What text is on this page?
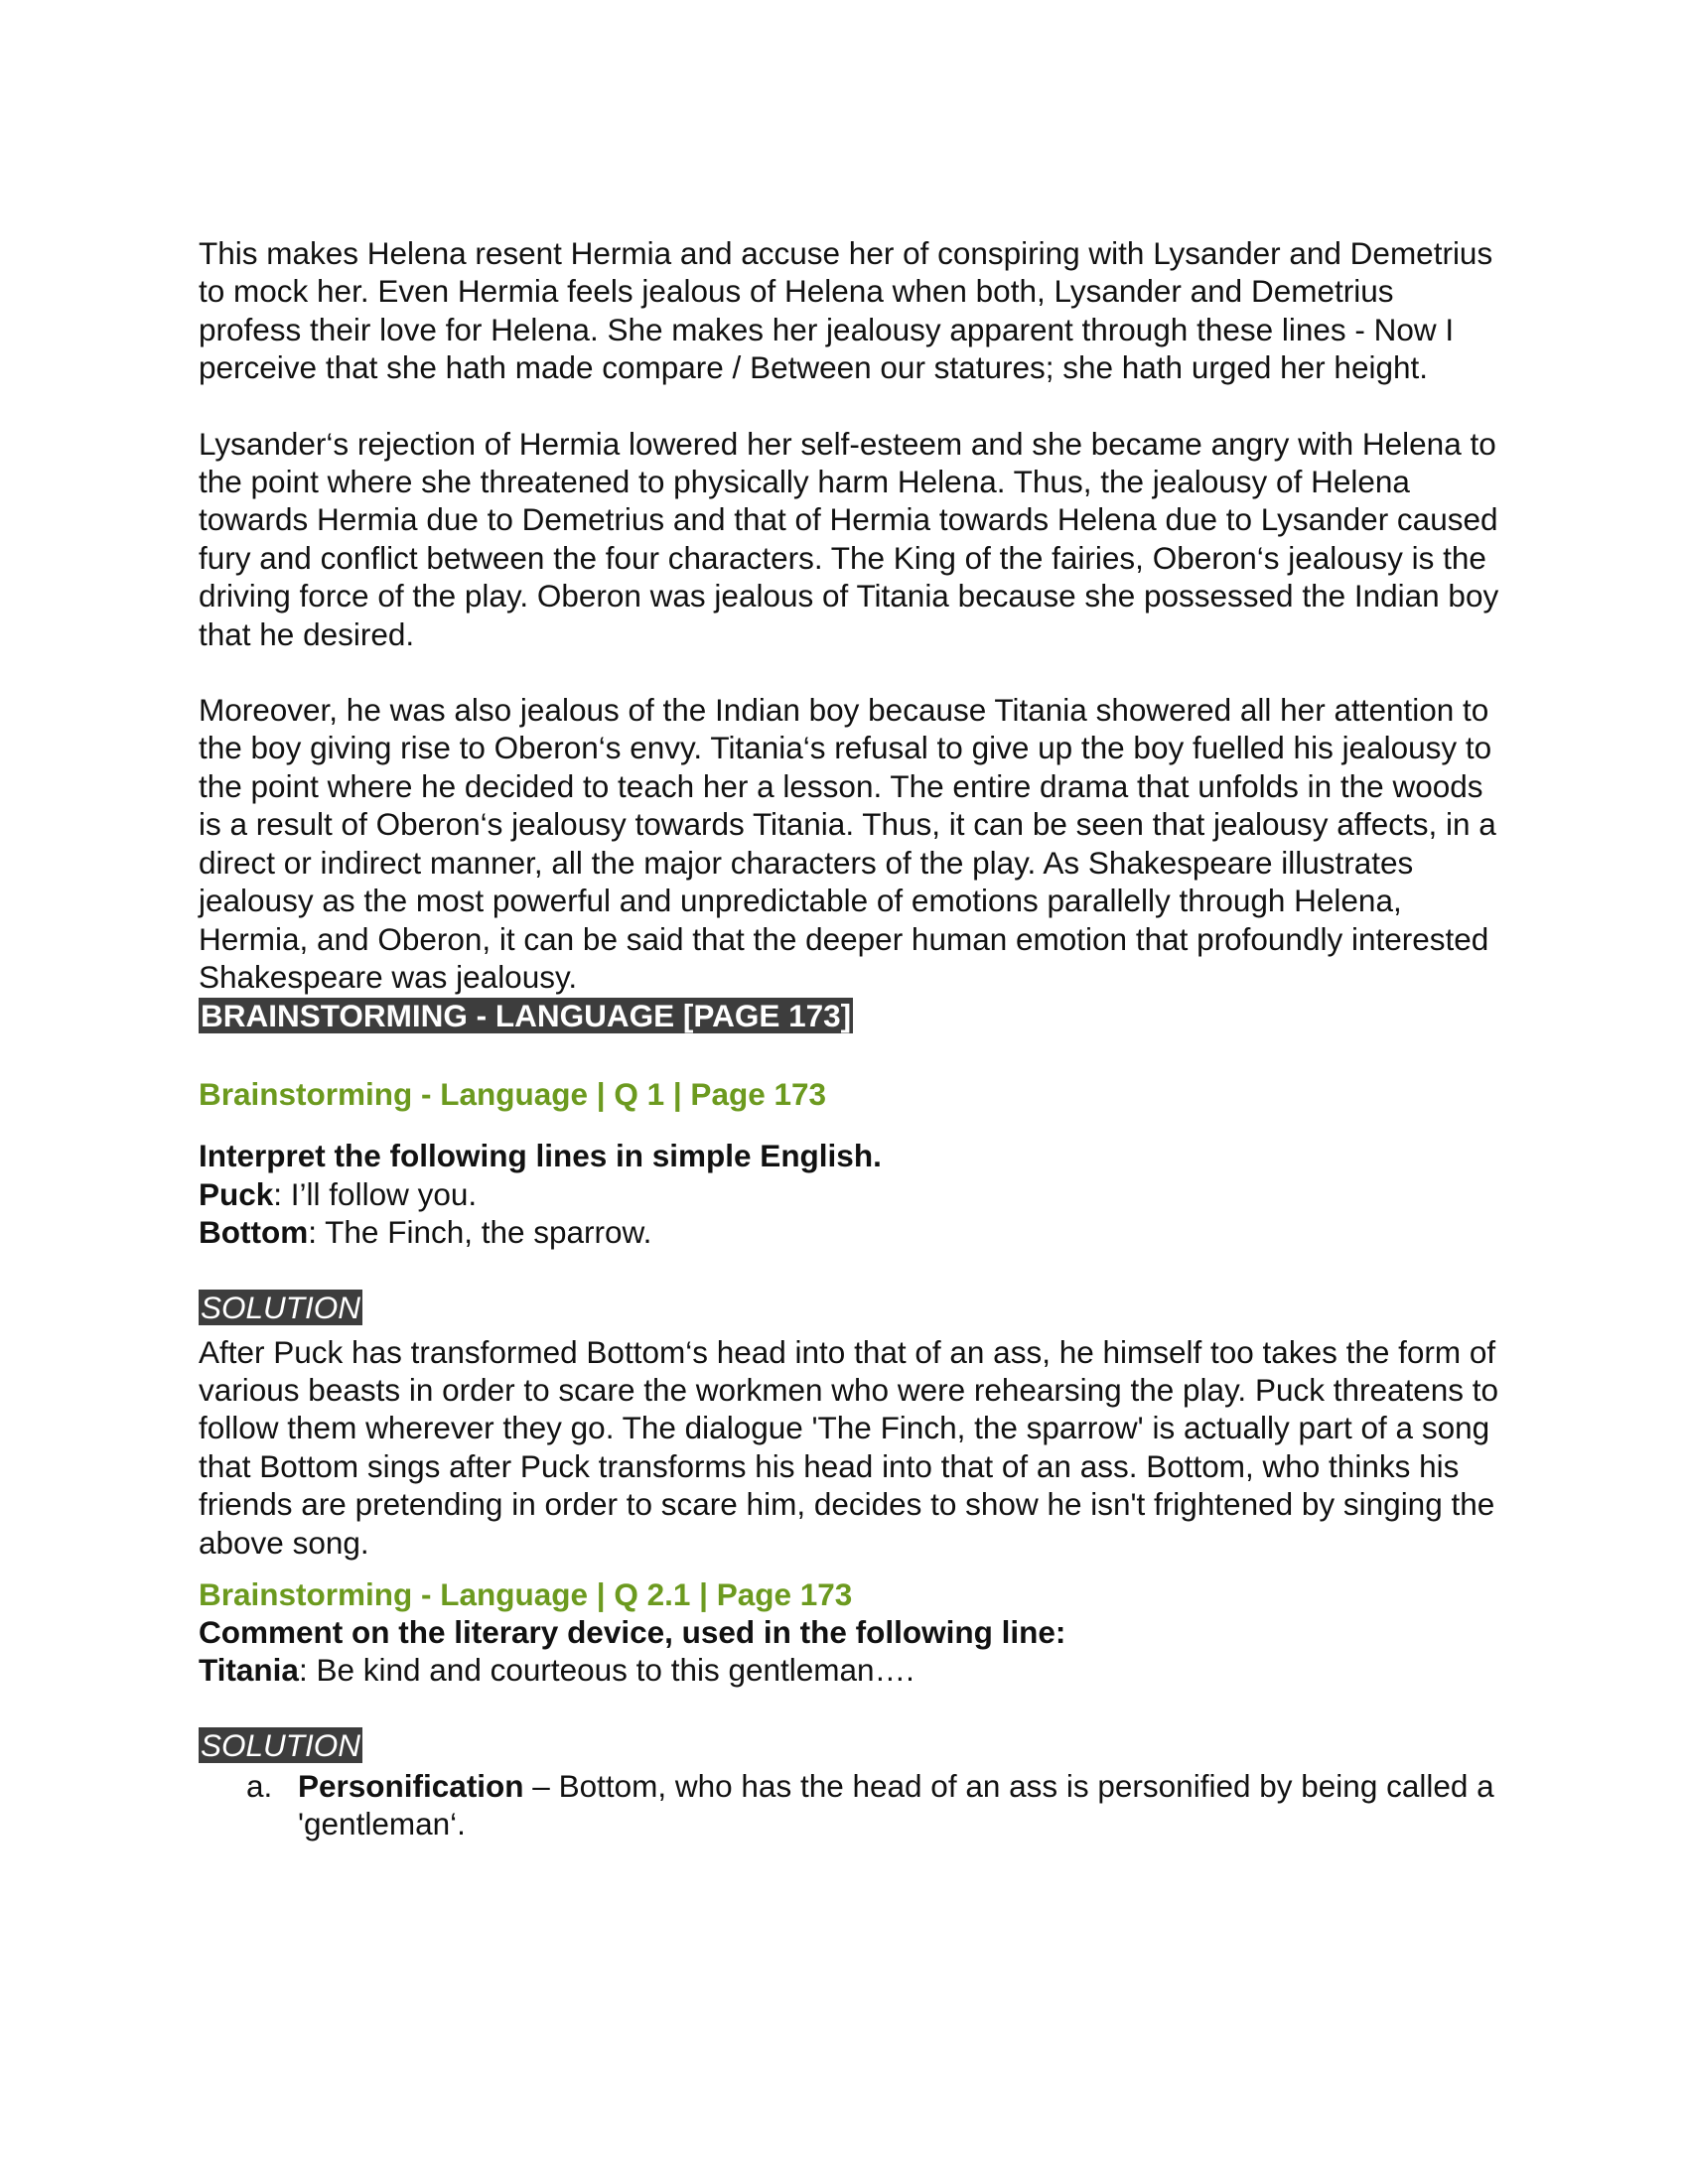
This makes Helena resent Hermia and accuse her of conspiring with Lysander and Demetrius to mock her. Even Hermia feels jealous of Helena when both, Lysander and Demetrius profess their love for Helena. She makes her jealousy apparent through these lines - Now I perceive that she hath made compare / Between our statures; she hath urged her height.

Lysander‘s rejection of Hermia lowered her self-esteem and she became angry with Helena to the point where she threatened to physically harm Helena. Thus, the jealousy of Helena towards Hermia due to Demetrius and that of Hermia towards Helena due to Lysander caused fury and conflict between the four characters. The King of the fairies, Oberon‘s jealousy is the driving force of the play. Oberon was jealous of Titania because she possessed the Indian boy that he desired.

Moreover, he was also jealous of the Indian boy because Titania showered all her attention to the boy giving rise to Oberon‘s envy. Titania‘s refusal to give up the boy fuelled his jealousy to the point where he decided to teach her a lesson. The entire drama that unfolds in the woods is a result of Oberon‘s jealousy towards Titania. Thus, it can be seen that jealousy affects, in a direct or indirect manner, all the major characters of the play. As Shakespeare illustrates jealousy as the most powerful and unpredictable of emotions parallelly through Helena, Hermia, and Oberon, it can be said that the deeper human emotion that profoundly interested Shakespeare was jealousy.

BRAINSTORMING - LANGUAGE [PAGE 173]
Brainstorming - Language | Q 1 | Page 173

Interpret the following lines in simple English.

Puck: I’ll follow you.

Bottom: The Finch, the sparrow.

SOLUTION

After Puck has transformed Bottom‘s head into that of an ass, he himself too takes the form of various beasts in order to scare the workmen who were rehearsing the play. Puck threatens to follow them wherever they go. The dialogue 'The Finch, the sparrow' is actually part of a song that Bottom sings after Puck transforms his head into that of an ass. Bottom, who thinks his friends are pretending in order to scare him, decides to show he isn't frightened by singing the above song.

Brainstorming - Language | Q 2.1 | Page 173

Comment on the literary device, used in the following line:

Titania: Be kind and courteous to this gentleman….

SOLUTION
a. Personification – Bottom, who has the head of an ass is personified by being called a 'gentleman‘.
